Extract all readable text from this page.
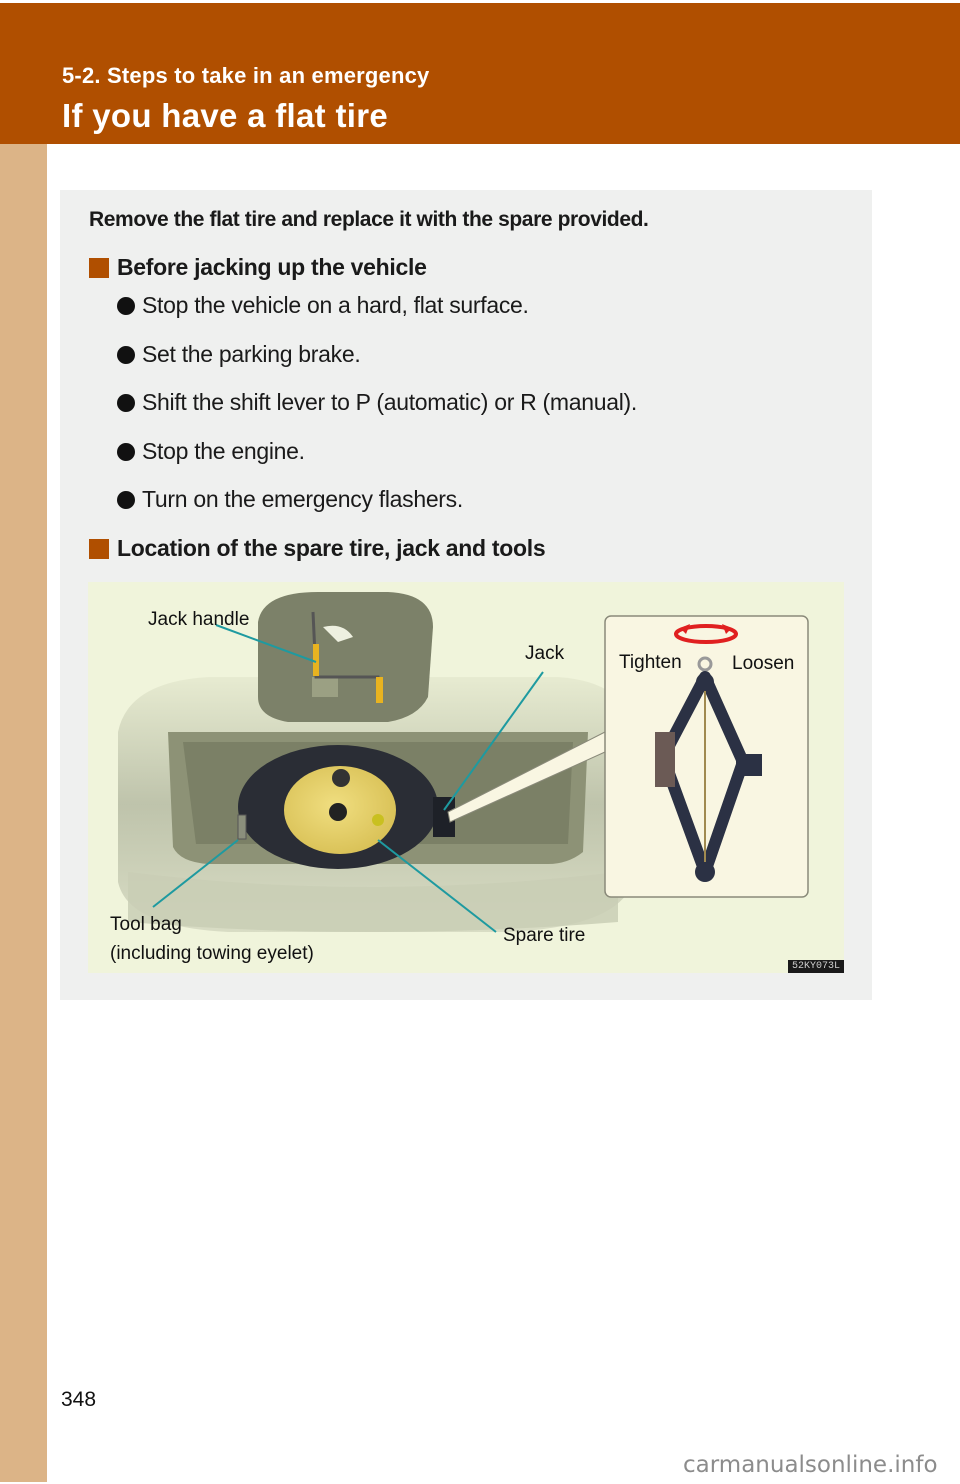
5-2. Steps to take in an emergency
If you have a flat tire
Remove the flat tire and replace it with the spare provided.
Before jacking up the vehicle
Stop the vehicle on a hard, flat surface.
Set the parking brake.
Shift the shift lever to P (automatic) or R (manual).
Stop the engine.
Turn on the emergency flashers.
Location of the spare tire, jack and tools
Jack handle
Jack	Tighten	Loosen
Tool bag
(including towing eyelet)
Spare tire
52KY073L
348
carmanualsonline.info
